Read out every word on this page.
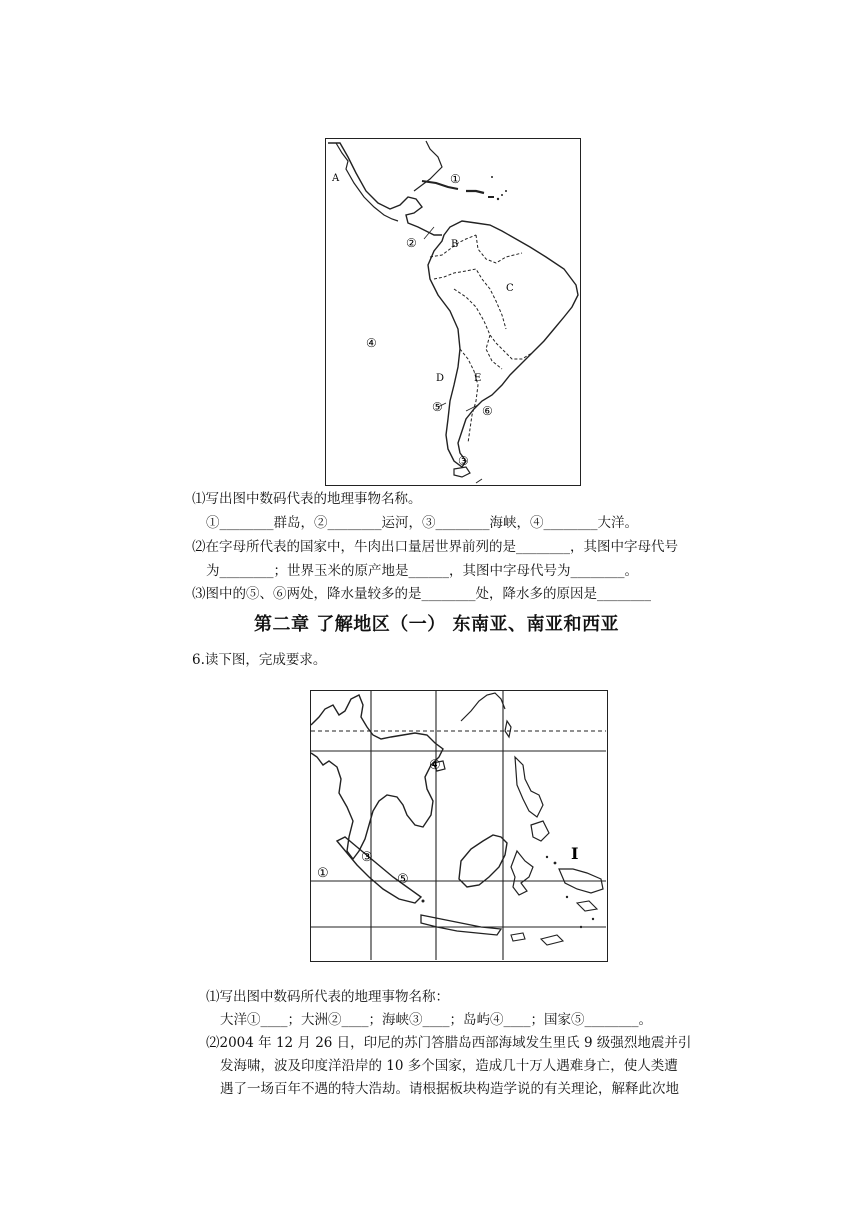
A
B
C
D	E
①
②
③
④
⑤	⑥
⑴写出图中数码代表的地理事物名称。
①________群岛，②________运河，③________海峡，④________大洋。
⑵在字母所代表的国家中，牛肉出口量居世界前列的是________，其图中字母代号
为________；世界玉米的原产地是______，其图中字母代号为________。
⑶图中的⑤、⑥两处，降水量较多的是________处，降水多的原因是________
第二章 了解地区（一） 东南亚、南亚和西亚
6.读下图，完成要求。
①
③
④
⑤
I
⑴写出图中数码所代表的地理事物名称：
大洋①____；大洲②____；海峡③____；岛屿④____；国家⑤________。
⑵2004 年 12 月 26 日，印尼的苏门答腊岛西部海域发生里氏 9 级强烈地震并引
发海啸，波及印度洋沿岸的 10 多个国家，造成几十万人遇难身亡，使人类遭
遇了一场百年不遇的特大浩劫。请根据板块构造学说的有关理论，解释此次地
